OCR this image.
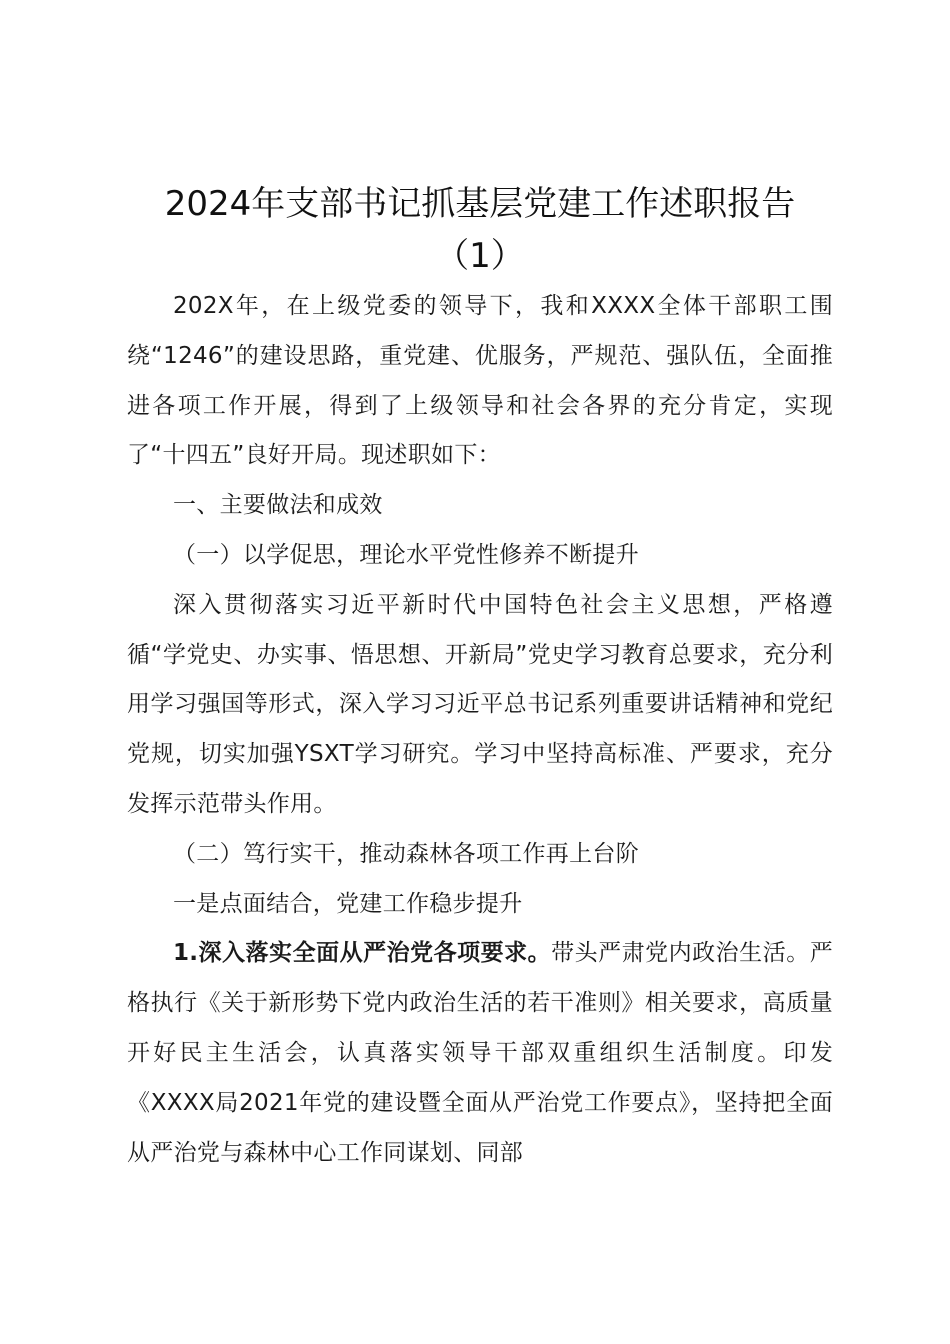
2024年支部书记抓基层党建工作述职报告
（1）

202X年，在上级党委的领导下，我和XXXX全体干部职工围绕“1246”的建设思路，重党建、优服务，严规范、强队伍，全面推进各项工作开展，得到了上级领导和社会各界的充分肯定，实现了“十四五”良好开局。现述职如下：

一、主要做法和成效

（一）以学促思，理论水平党性修养不断提升

深入贯彻落实习近平新时代中国特色社会主义思想，严格遵循“学党史、办实事、悟思想、开新局”党史学习教育总要求，充分利用学习强国等形式，深入学习习近平总书记系列重要讲话精神和党纪党规，切实加强YSXT学习研究。学习中坚持高标准、严要求，充分发挥示范带头作用。

（二）笃行实干，推动森林各项工作再上台阶

一是点面结合，党建工作稳步提升

1.深入落实全面从严治党各项要求。带头严肃党内政治生活。严格执行《关于新形势下党内政治生活的若干准则》相关要求，高质量开好民主生活会，认真落实领导干部双重组织生活制度。印发《XXXX局2021年党的建设暨全面从严治党工作要点》，坚持把全面从严治党与森林中心工作同谋划、同部
